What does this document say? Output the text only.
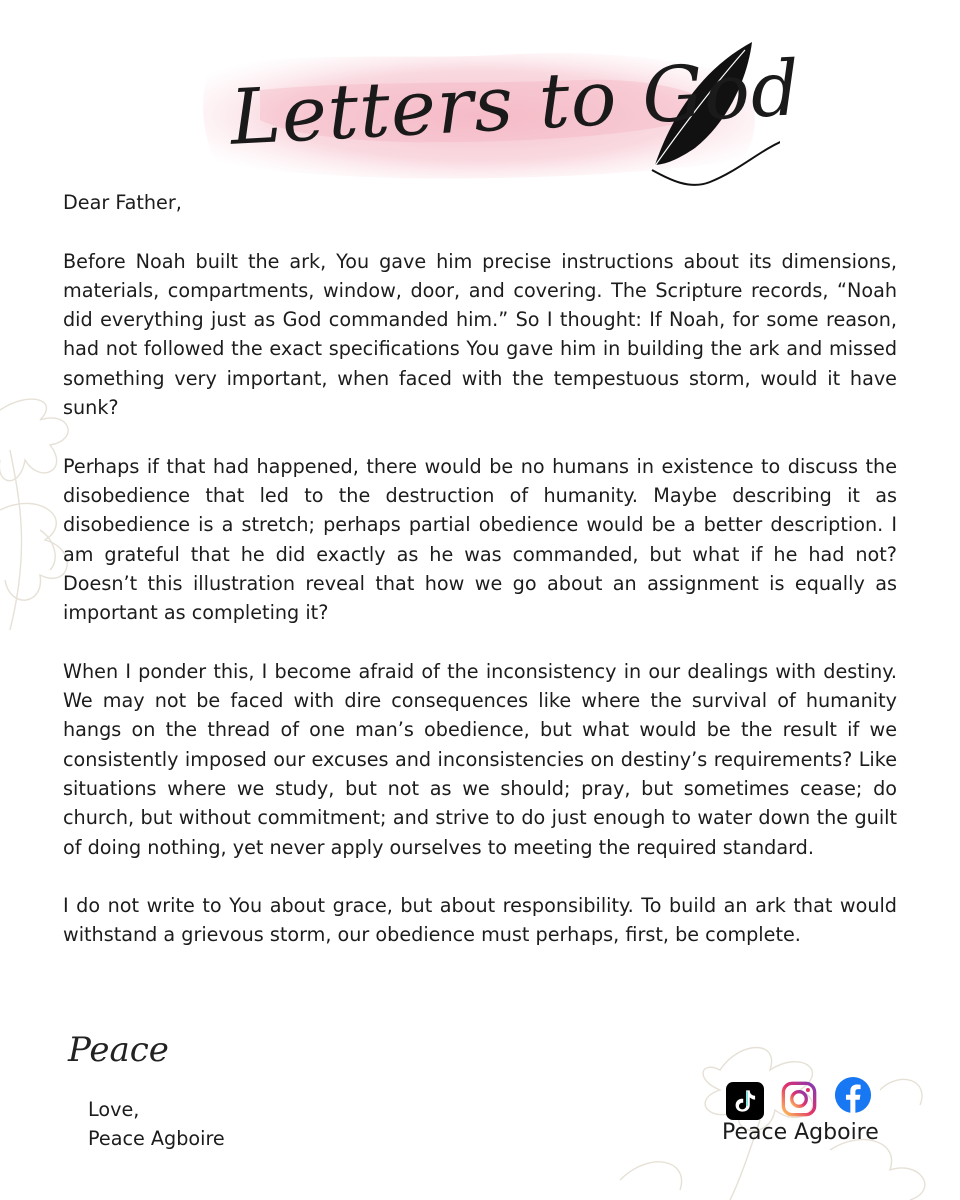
Letters to God

Dear Father,

Before Noah built the ark, You gave him precise instructions about its dimensions, materials, compartments, window, door, and covering. The Scripture records, “Noah did everything just as God commanded him.” So I thought: If Noah, for some reason, had not followed the exact specifications You gave him in building the ark and missed something very important, when faced with the tempestuous storm, would it have sunk?

Perhaps if that had happened, there would be no humans in existence to discuss the disobedience that led to the destruction of humanity. Maybe describing it as disobedience is a stretch; perhaps partial obedience would be a better description. I am grateful that he did exactly as he was commanded, but what if he had not? Doesn’t this illustration reveal that how we go about an assignment is equally as important as completing it?

When I ponder this, I become afraid of the inconsistency in our dealings with destiny. We may not be faced with dire consequences like where the survival of humanity hangs on the thread of one man’s obedience, but what would be the result if we consistently imposed our excuses and inconsistencies on destiny’s requirements? Like situations where we study, but not as we should; pray, but sometimes cease; do church, but without commitment; and strive to do just enough to water down the guilt of doing nothing, yet never apply ourselves to meeting the required standard.

I do not write to You about grace, but about responsibility. To build an ark that would withstand a grievous storm, our obedience must perhaps, first, be complete.

Peace
Love,
Peace Agboire	Peace Agboire
